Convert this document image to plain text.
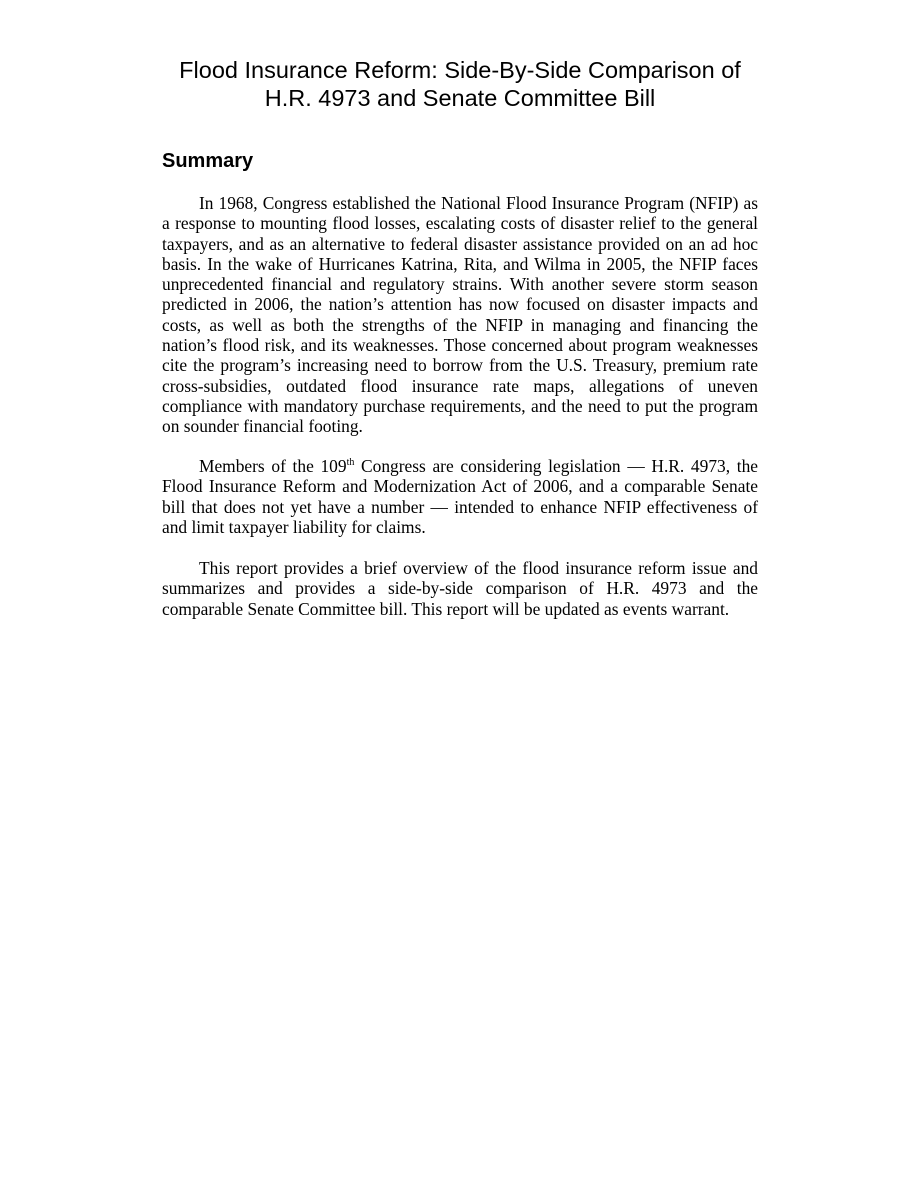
Flood Insurance Reform: Side-By-Side Comparison of
H.R. 4973 and Senate Committee Bill
Summary

In 1968, Congress established the National Flood Insurance Program (NFIP) as a response to mounting flood losses, escalating costs of disaster relief to the general taxpayers, and as an alternative to federal disaster assistance provided on an ad hoc basis. In the wake of Hurricanes Katrina, Rita, and Wilma in 2005, the NFIP faces unprecedented financial and regulatory strains. With another severe storm season predicted in 2006, the nation’s attention has now focused on disaster impacts and costs, as well as both the strengths of the NFIP in managing and financing the nation’s flood risk, and its weaknesses. Those concerned about program weaknesses cite the program’s increasing need to borrow from the U.S. Treasury, premium rate cross-subsidies, outdated flood insurance rate maps, allegations of uneven compliance with mandatory purchase requirements, and the need to put the program on sounder financial footing.

Members of the 109th Congress are considering legislation — H.R. 4973, the Flood Insurance Reform and Modernization Act of 2006, and a comparable Senate bill that does not yet have a number — intended to enhance NFIP effectiveness of and limit taxpayer liability for claims.

This report provides a brief overview of the flood insurance reform issue and summarizes and provides a side-by-side comparison of H.R. 4973 and the comparable Senate Committee bill. This report will be updated as events warrant.
